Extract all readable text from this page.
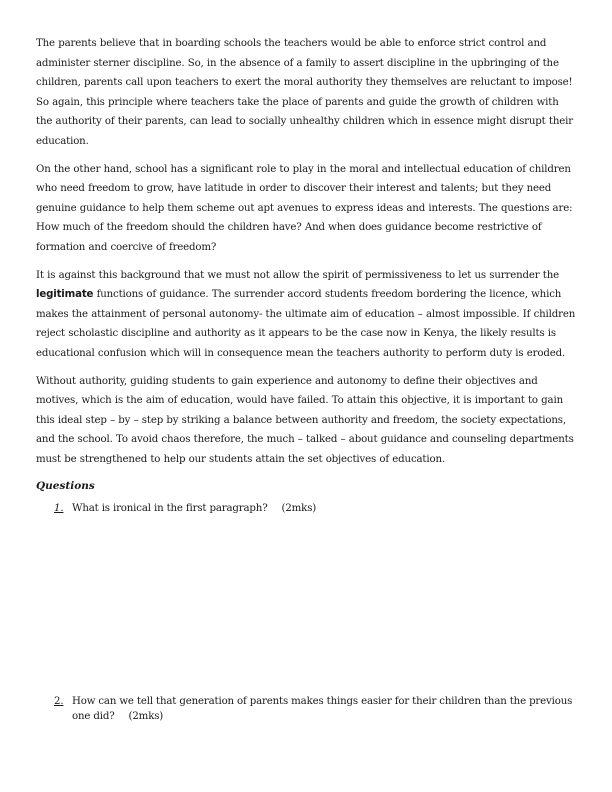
The parents believe that in boarding schools the teachers would be able to enforce strict control and administer sterner discipline. So, in the absence of a family to assert discipline in the upbringing of the children, parents call upon teachers to exert the moral authority they themselves are reluctant to impose! So again, this principle where teachers take the place of parents and guide the growth of children with the authority of their parents, can lead to socially unhealthy children which in essence might disrupt their education.

On the other hand, school has a significant role to play in the moral and intellectual education of children who need freedom to grow, have latitude in order to discover their interest and talents; but they need genuine guidance to help them scheme out apt avenues to express ideas and interests. The questions are: How much of the freedom should the children have? And when does guidance become restrictive of formation and coercive of freedom?

It is against this background that we must not allow the spirit of permissiveness to let us surrender the legitimate functions of guidance. The surrender accord students freedom bordering the licence, which makes the attainment of personal autonomy- the ultimate aim of education – almost impossible. If children reject scholastic discipline and authority as it appears to be the case now in Kenya, the likely results is educational confusion which will in consequence mean the teachers authority to perform duty is eroded.

Without authority, guiding students to gain experience and autonomy to define their objectives and motives, which is the aim of education, would have failed. To attain this objective, it is important to gain this ideal step – by – step by striking a balance between authority and freedom, the society expectations, and the school. To avoid chaos therefore, the much – talked – about guidance and counseling departments must be strengthened to help our students attain the set objectives of education.

Questions
1. What is ironical in the first paragraph? (2mks)
2. How can we tell that generation of parents makes things easier for their children than the previous one did? (2mks)
